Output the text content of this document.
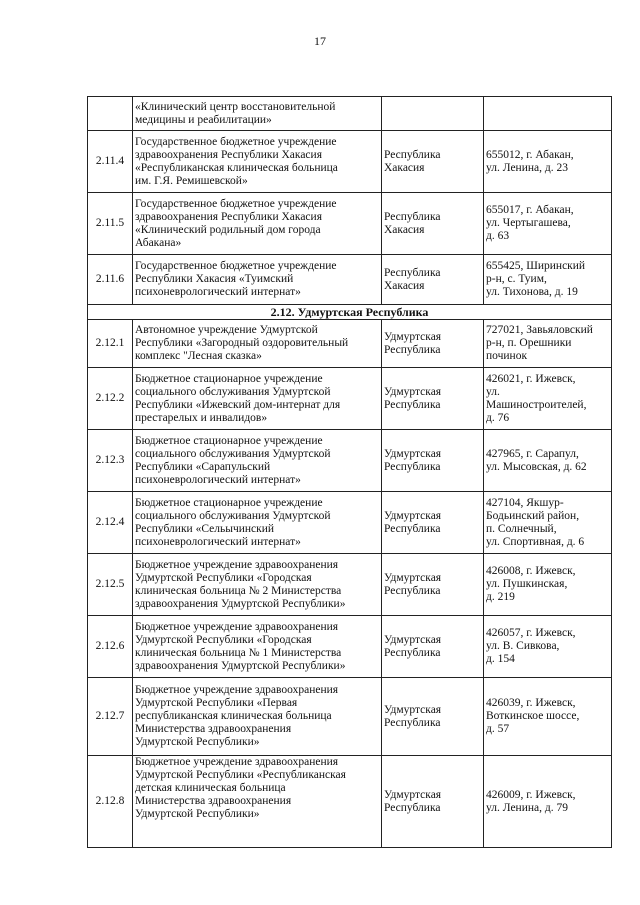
17
	«Клинический центр восстановительной
медицины и реабилитации»		
2.11.4	Государственное бюджетное учреждение
здравоохранения Республики Хакасия
«Республиканская клиническая больница
им. Г.Я. Ремишевской»	Республика
Хакасия	655012, г. Абакан,
ул. Ленина, д. 23
2.11.5	Государственное бюджетное учреждение
здравоохранения Республики Хакасия
«Клинический родильный дом города
Абакана»	Республика
Хакасия	655017, г. Абакан,
ул. Чертыгашева,
д. 63
2.11.6	Государственное бюджетное учреждение
Республики Хакасия «Туимский
психоневрологический интернат»	Республика
Хакасия	655425, Ширинский
р-н, с. Туим,
ул. Тихонова, д. 19
2.12. Удмуртская Республика			
2.12.1	Автономное учреждение Удмуртской
Республики «Загородный оздоровительный
комплекс "Лесная сказка»	Удмуртская
Республика	727021, Завьяловский
р-н, п. Орешники
починок
2.12.2	Бюджетное стационарное учреждение
социального обслуживания Удмуртской
Республики «Ижевский дом-интернат для
престарелых и инвалидов»	Удмуртская
Республика	426021, г. Ижевск,
ул.
Машиностроителей,
д. 76
2.12.3	Бюджетное стационарное учреждение
социального обслуживания Удмуртской
Республики «Сарапульский
психоневрологический интернат»	Удмуртская
Республика	427965, г. Сарапул,
ул. Мысовская, д. 62
2.12.4	Бюджетное стационарное учреждение
социального обслуживания Удмуртской
Республики «Сельычинский
психоневрологический интернат»	Удмуртская
Республика	427104, Якшур-
Бодьинский район,
п. Солнечный,
ул. Спортивная, д. 6
2.12.5	Бюджетное учреждение здравоохранения
Удмуртской Республики «Городская
клиническая больница № 2 Министерства
здравоохранения Удмуртской Республики»	Удмуртская
Республика	426008, г. Ижевск,
ул. Пушкинская,
д. 219
2.12.6	Бюджетное учреждение здравоохранения
Удмуртской Республики «Городская
клиническая больница № 1 Министерства
здравоохранения Удмуртской Республики»	Удмуртская
Республика	426057, г. Ижевск,
ул. В. Сивкова,
д. 154
2.12.7	Бюджетное учреждение здравоохранения
Удмуртской Республики «Первая
республиканская клиническая больница
Министерства здравоохранения
Удмуртской Республики»	Удмуртская
Республика	426039, г. Ижевск,
Воткинское шоссе,
д. 57
2.12.8	Бюджетное учреждение здравоохранения
Удмуртской Республики «Республиканская
детская клиническая больница
Министерства здравоохранения
Удмуртской Республики»	Удмуртская
Республика	426009, г. Ижевск,
ул. Ленина, д. 79
